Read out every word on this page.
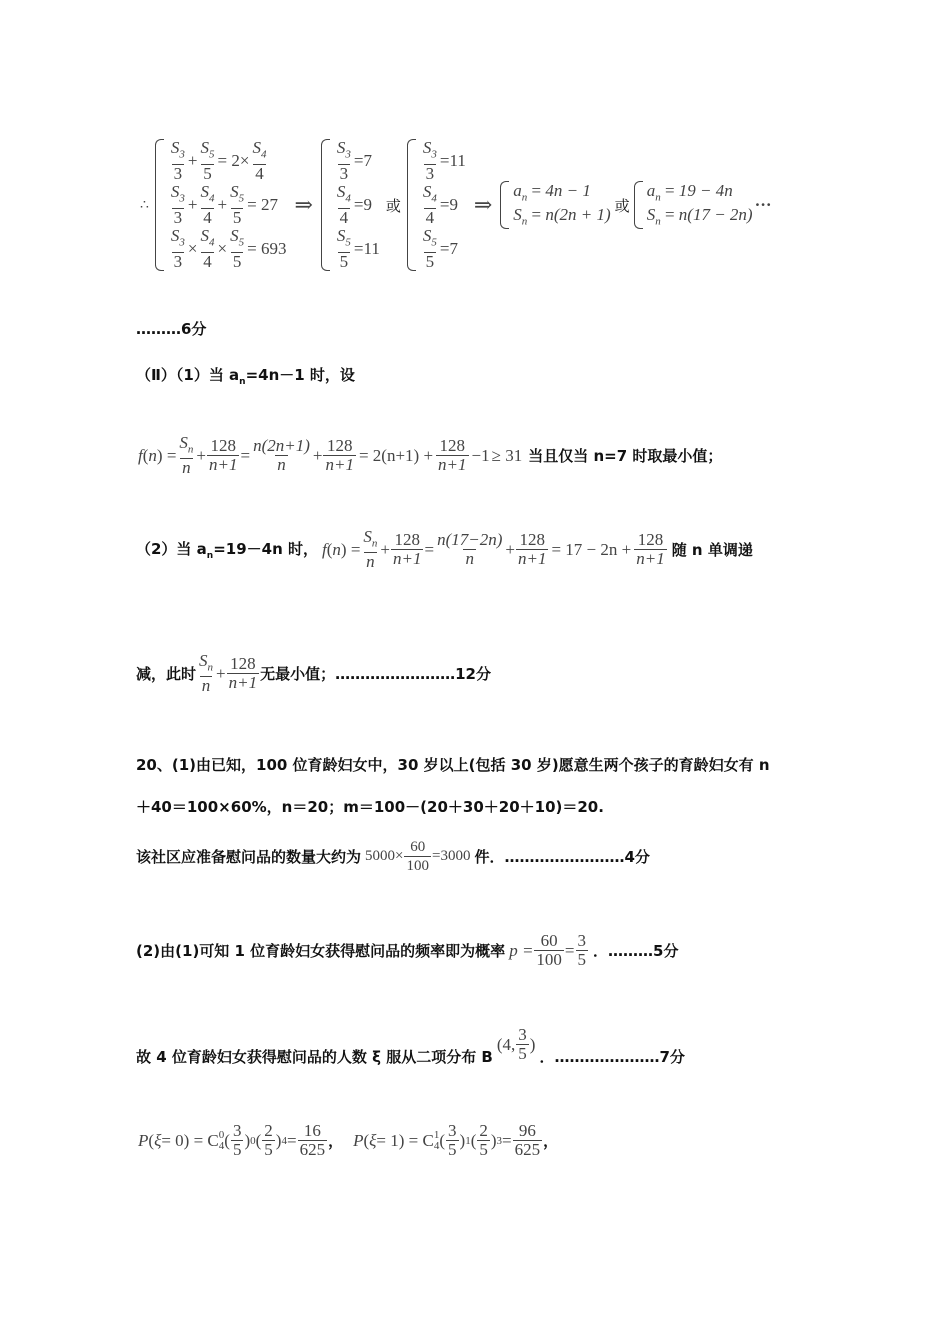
∴
$\frac{S_3}{3} + \frac{S_5}{5} = 2\times \frac{S_4}{4}$
$\frac{S_3}{3} + \frac{S_4}{4} + \frac{S_5}{5} = 27$
$\frac{S_3}{3} \times \frac{S_4}{4} \times \frac{S_5}{5} = 693$
⇒
$\frac{S_3}{3} = 7$
$\frac{S_4}{4} = 9$
$\frac{S_5}{5} = 11$
或
$\frac{S_3}{3} = 11$
$\frac{S_4}{4} = 9$
$\frac{S_5}{5} = 7$
⇒
$a_n = 4n - 1$
$S_n = n(2n + 1)$ 或
$a_n = 19 - 4n$
$S_n = n(17 - 2n)$
···
………6分
（Ⅱ）（1）当 $a_n=4n-1$ 时，设
f ( n ) = $\frac{S_n}{n} + \frac{128}{n+1} = \frac{n(2n+1)}{n} + \frac{128}{n+1} = 2(n+1) + \frac{128}{n+1} -1 \ge 31$ 当且仅当 n=7 时取最小值；
（2）当 $a_n=19-4n$ 时， f ( n ) = $\frac{S_n}{n} + \frac{128}{n+1} = \frac{n(17-2n)}{n} + \frac{128}{n+1} = 17 - 2n + \frac{128}{n+1}$ 随 n 单调递
减，此时 $\frac{S_n}{n} + \frac{128}{n+1}$ 无最小值；……………………12分
20、(1)由已知，100 位育龄妇女中，30 岁以上(包括 30 岁)愿意生两个孩子的育龄妇女有 n
＋40＝100×60%，n＝20；m＝100－(20＋30＋20＋10)＝20.
该社区应准备慰问品的数量大约为 $5000\times \frac{60}{100} =3000$ 件．……………………4分
(2)由(1)可知 1 位育龄妇女获得慰问品的频率即为概率 $p = \frac{60}{100} = \frac{3}{5}$ ．………5分
故 4 位育龄妇女获得慰问品的人数 ξ 服从二项分布 B
( 4, $\frac{3}{5}$ )
．…………………7分
P ( ξ = 0) = C 0
4 ( $\frac{3}{5}$ ) 0 ( $\frac{2}{5}$ ) $4 = \frac{16}{625}$ ， P ( ξ = 1) = C 1
4 ( $\frac{3}{5}$ ) 1 ( $\frac{2}{5}$ ) $3 = \frac{96}{625}$ ，
